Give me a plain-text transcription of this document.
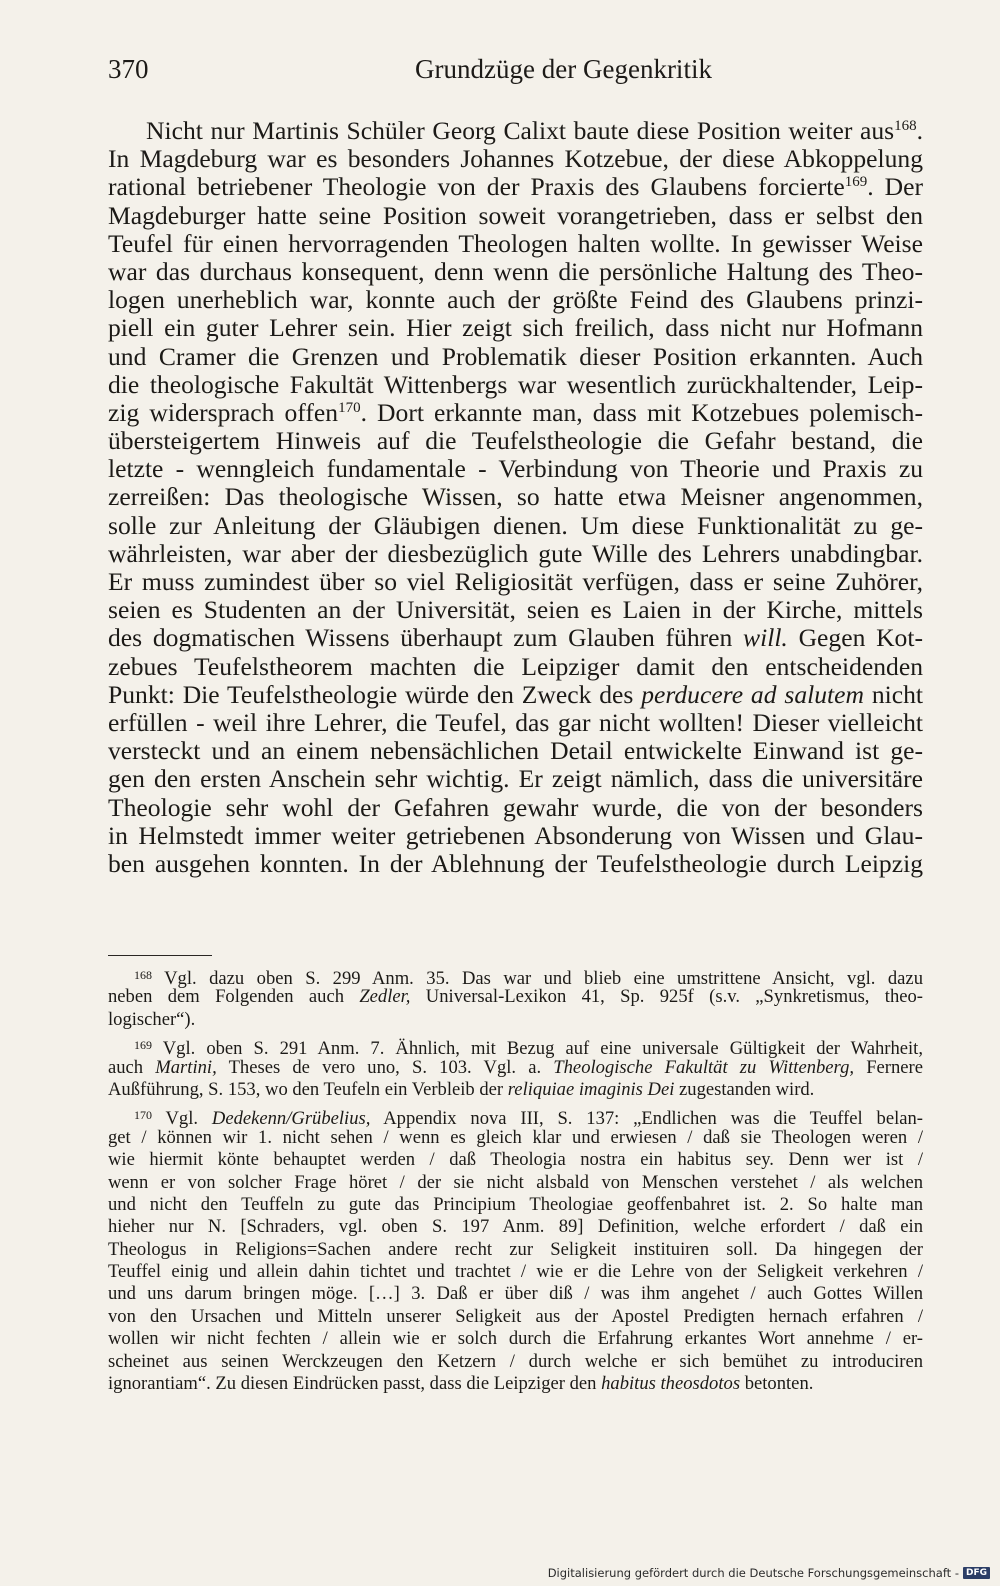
370	Grundzüge der Gegenkritik
Nicht nur Martinis Schüler Georg Calixt baute diese Position weiter aus$^{168}$.
In Magdeburg war es besonders Johannes Kotzebue, der diese Abkoppelung
rational betriebener Theologie von der Praxis des Glaubens forcierte$^{169}$. Der
Magdeburger hatte seine Position soweit vorangetrieben, dass er selbst den
Teufel für einen hervorragenden Theologen halten wollte. In gewisser Weise
war das durchaus konsequent, denn wenn die persönliche Haltung des Theo-
logen unerheblich war, konnte auch der größte Feind des Glaubens prinzi-
piell ein guter Lehrer sein. Hier zeigt sich freilich, dass nicht nur Hofmann
und Cramer die Grenzen und Problematik dieser Position erkannten. Auch
die theologische Fakultät Wittenbergs war wesentlich zurückhaltender, Leip-
zig widersprach offen$^{170}$. Dort erkannte man, dass mit Kotzebues polemisch-
übersteigertem Hinweis auf die Teufelstheologie die Gefahr bestand, die
letzte - wenngleich fundamentale - Verbindung von Theorie und Praxis zu
zerreißen: Das theologische Wissen, so hatte etwa Meisner angenommen,
solle zur Anleitung der Gläubigen dienen. Um diese Funktionalität zu ge-
währleisten, war aber der diesbezüglich gute Wille des Lehrers unabdingbar.
Er muss zumindest über so viel Religiosität verfügen, dass er seine Zuhörer,
seien es Studenten an der Universität, seien es Laien in der Kirche, mittels
des dogmatischen Wissens überhaupt zum Glauben führen will. Gegen Kot-
zebues Teufelstheorem machten die Leipziger damit den entscheidenden
Punkt: Die Teufelstheologie würde den Zweck des perducere ad salutem nicht
erfüllen - weil ihre Lehrer, die Teufel, das gar nicht wollten! Dieser vielleicht
versteckt und an einem nebensächlichen Detail entwickelte Einwand ist ge-
gen den ersten Anschein sehr wichtig. Er zeigt nämlich, dass die universitäre
Theologie sehr wohl der Gefahren gewahr wurde, die von der besonders
in Helmstedt immer weiter getriebenen Absonderung von Wissen und Glau-
ben ausgehen konnten. In der Ablehnung der Teufelstheologie durch Leipzig
$^{168}$ Vgl. dazu oben S. 299 Anm. 35. Das war und blieb eine umstrittene Ansicht, vgl. dazu
neben dem Folgenden auch Zedler, Universal-Lexikon 41, Sp. 925f (s.v. „Synkretismus, theo-
logischer“).
$^{169}$ Vgl. oben S. 291 Anm. 7. Ähnlich, mit Bezug auf eine universale Gültigkeit der Wahrheit,
auch Martini, Theses de vero uno, S. 103. Vgl. a. Theologische Fakultät zu Wittenberg, Fernere
Außführung, S. 153, wo den Teufeln ein Verbleib der reliquiae imaginis Dei zugestanden wird.
$^{170}$ Vgl. Dedekenn/Grübelius, Appendix nova III, S. 137: „Endlichen was die Teuffel belan-
get / können wir 1. nicht sehen / wenn es gleich klar und erwiesen / daß sie Theologen weren /
wie hiermit könte behauptet werden / daß Theologia nostra ein habitus sey. Denn wer ist /
wenn er von solcher Frage höret / der sie nicht alsbald von Menschen verstehet / als welchen
und nicht den Teuffeln zu gute das Principium Theologiae geoffenbahret ist. 2. So halte man
hieher nur N. [Schraders, vgl. oben S. 197 Anm. 89] Definition, welche erfordert / daß ein
Theologus in Religions=Sachen andere recht zur Seligkeit instituiren soll. Da hingegen der
Teuffel einig und allein dahin tichtet und trachtet / wie er die Lehre von der Seligkeit verkehren /
und uns darum bringen möge. […] 3. Daß er über diß / was ihm angehet / auch Gottes Willen
von den Ursachen und Mitteln unserer Seligkeit aus der Apostel Predigten hernach erfahren /
wollen wir nicht fechten / allein wie er solch durch die Erfahrung erkantes Wort annehme / er-
scheinet aus seinen Werckzeugen den Ketzern / durch welche er sich bemühet zu introduciren
ignorantiam“. Zu diesen Eindrücken passt, dass die Leipziger den habitus theosdotos betonten.
Digitalisierung gefördert durch die Deutsche Forschungsgemeinschaft - DFG
